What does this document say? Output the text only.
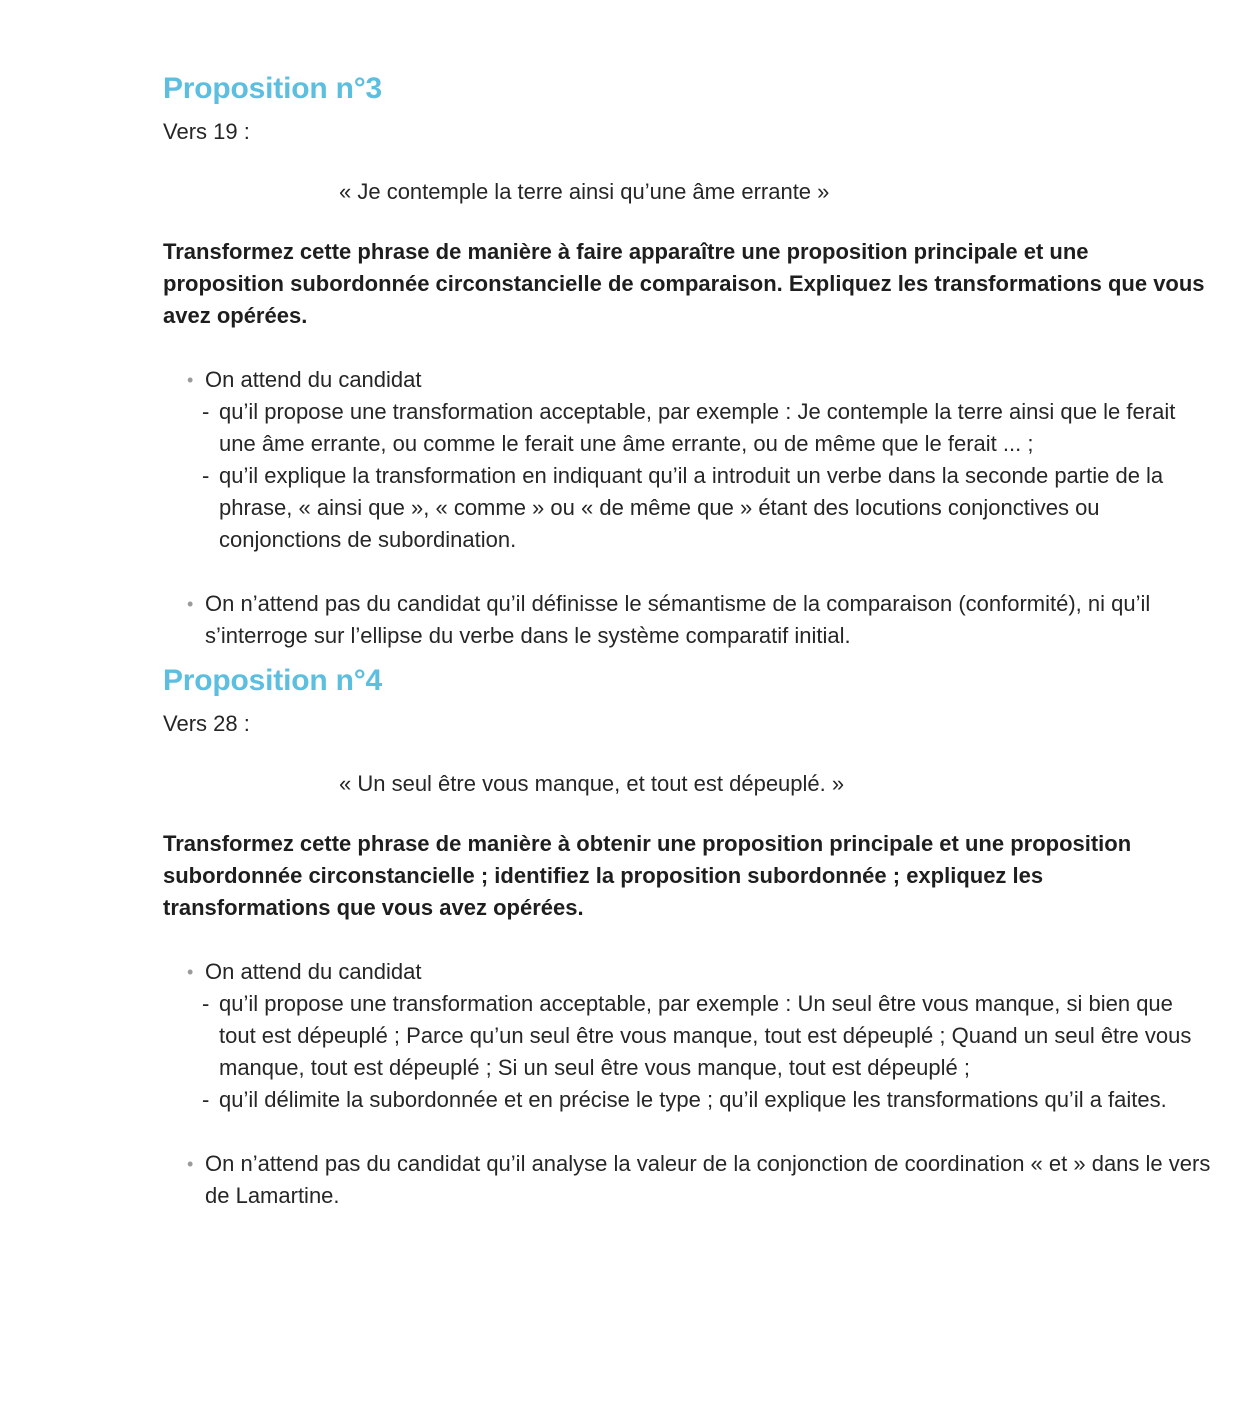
Proposition n°3

Vers 19 :

« Je contemple la terre ainsi qu’une âme errante »

Transformez cette phrase de manière à faire apparaître une proposition principale et une proposition subordonnée circonstancielle de comparaison. Expliquez les transformations que vous avez opérées.

• On attend du candidat
- qu’il propose une transformation acceptable, par exemple : Je contemple la terre ainsi que le ferait une âme errante, ou comme le ferait une âme errante, ou de même que le ferait ... ;
- qu’il explique la transformation en indiquant qu’il a introduit un verbe dans la seconde partie de la phrase, « ainsi que », « comme » ou « de même que » étant des locutions conjonctives ou conjonctions de subordination.
• On n’attend pas du candidat qu’il définisse le sémantisme de la comparaison (conformité), ni qu’il s’interroge sur l’ellipse du verbe dans le système comparatif initial.
Proposition n°4

Vers 28 :

« Un seul être vous manque, et tout est dépeuplé. »

Transformez cette phrase de manière à obtenir une proposition principale et une proposition subordonnée circonstancielle ; identifiez la proposition subordonnée ; expliquez les transformations que vous avez opérées.

• On attend du candidat
- qu’il propose une transformation acceptable, par exemple : Un seul être vous manque, si bien que tout est dépeuplé ; Parce qu’un seul être vous manque, tout est dépeuplé ; Quand un seul être vous manque, tout est dépeuplé ; Si un seul être vous manque, tout est dépeuplé ;
- qu’il délimite la subordonnée et en précise le type ; qu’il explique les transformations qu’il a faites.
• On n’attend pas du candidat qu’il analyse la valeur de la conjonction de coordination « et » dans le vers de Lamartine.
